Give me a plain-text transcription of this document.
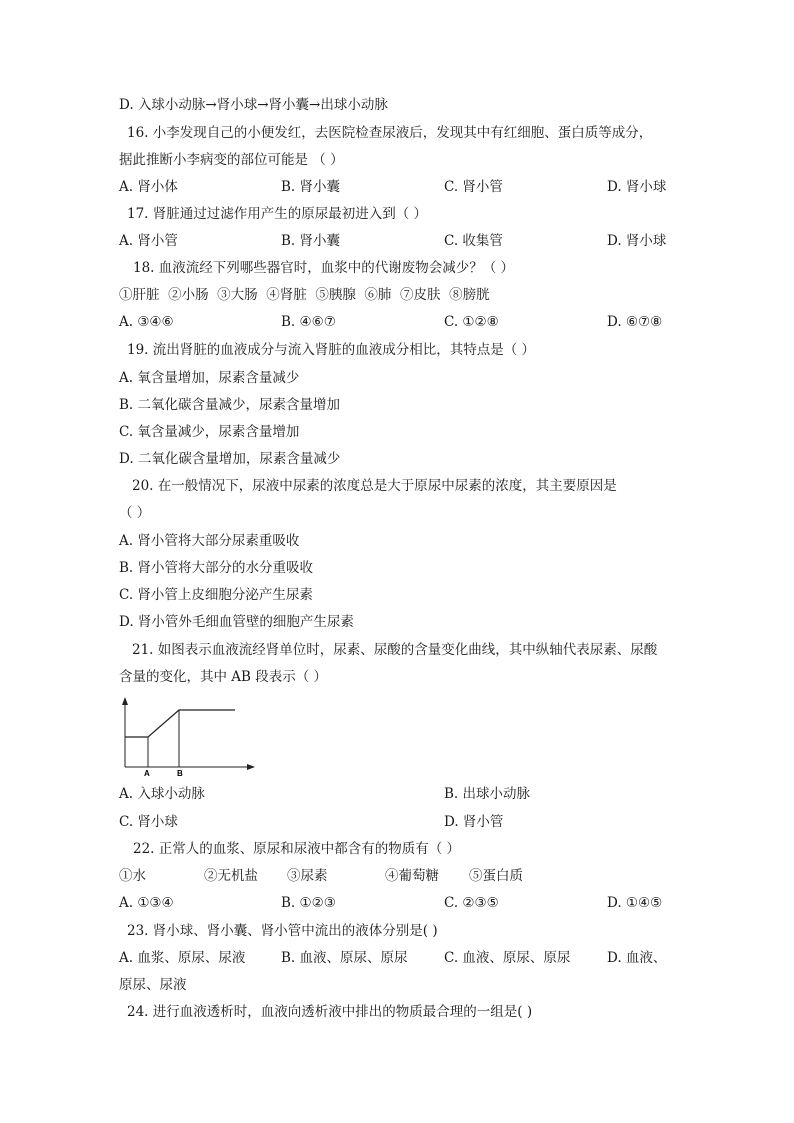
D. 入球小动脉→肾小球→肾小囊→出球小动脉
16. 小李发现自己的小便发红，去医院检查尿液后，发现其中有红细胞、蛋白质等成分，
据此推断小李病变的部位可能是 （ ）
A. 肾小体	B. 肾小囊	C. 肾小管	D. 肾小球
17. 肾脏通过过滤作用产生的原尿最初进入到（ ）
A. 肾小管	B. 肾小囊	C. 收集管	D. 肾小球
18. 血液流经下列哪些器官时，血浆中的代谢废物会减少？（ ）
①肝脏  ②小肠  ③大肠  ④肾脏  ⑤胰腺  ⑥肺  ⑦皮肤  ⑧膀胱
A. ③④⑥	B. ④⑥⑦	C. ①②⑧	D. ⑥⑦⑧
19. 流出肾脏的血液成分与流入肾脏的血液成分相比，其特点是（ ）
A. 氧含量增加，尿素含量减少
B. 二氧化碳含量减少，尿素含量增加
C. 氧含量减少，尿素含量增加
D. 二氧化碳含量增加，尿素含量减少
20. 在一般情况下，尿液中尿素的浓度总是大于原尿中尿素的浓度，其主要原因是
（ ）
A. 肾小管将大部分尿素重吸收
B. 肾小管将大部分的水分重吸收
C. 肾小管上皮细胞分泌产生尿素
D. 肾小管外毛细血管壁的细胞产生尿素
21. 如图表示血液流经肾单位时，尿素、尿酸的含量变化曲线，其中纵轴代表尿素、尿酸
含量的变化，其中 AB 段表示（ ）
A	B
A. 入球小动脉	B. 出球小动脉
C. 肾小球	D. 肾小管
22. 正常人的血浆、原尿和尿液中都含有的物质有（ ）
①水	②无机盐 ③尿素	④葡萄糖 ⑤蛋白质
A. ①③④	B. ①②③	C. ②③⑤	D. ①④⑤
23. 肾小球、肾小囊、肾小管中流出的液体分别是( )
A. 血浆、原尿、尿液	B. 血液、原尿、原尿	C. 血液、原尿、原尿	D. 血液、
原尿、尿液
24. 进行血液透析时，血液向透析液中排出的物质最合理的一组是( )
